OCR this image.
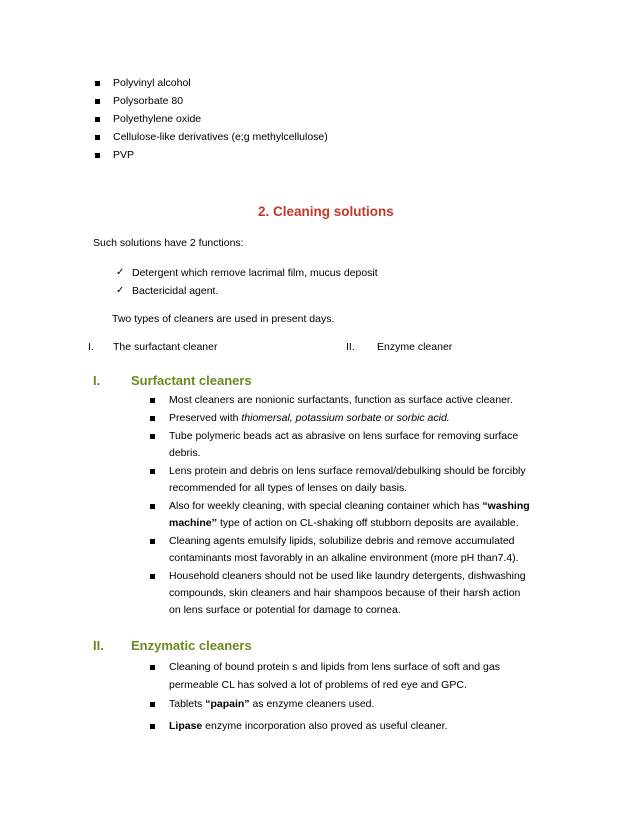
Polyvinyl alcohol
Polysorbate 80
Polyethylene oxide
Cellulose-like derivatives (e;g methylcellulose)
PVP
2. Cleaning solutions
Such solutions have 2 functions:
✓ Detergent which remove lacrimal film, mucus deposit
✓ Bactericidal agent.
Two types of cleaners are used in present days.
I. The surfactant cleaner	II. Enzyme cleaner
I. Surfactant cleaners
Most cleaners are nonionic surfactants, function as surface active cleaner.
Preserved with thiomersal, potassium sorbate or sorbic acid.
Tube polymeric beads act as abrasive on lens surface for removing surface
debris.
Lens protein and debris on lens surface removal/debulking should be forcibly
recommended for all types of lenses on daily basis.
Also for weekly cleaning, with special cleaning container which has “washing
machine’’ type of action on CL-shaking off stubborn deposits are available.
Cleaning agents emulsify lipids, solubilize debris and remove accumulated
contaminants most favorably in an alkaline environment (more pH than7.4).
Household cleaners should not be used like laundry detergents, dishwashing
compounds, skin cleaners and hair shampoos because of their harsh action
on lens surface or potential for damage to cornea.
II. Enzymatic cleaners
Cleaning of bound protein s and lipids from lens surface of soft and gas
permeable CL has solved a lot of problems of red eye and GPC.
Tablets “papain” as enzyme cleaners used.
Lipase enzyme incorporation also proved as useful cleaner.
